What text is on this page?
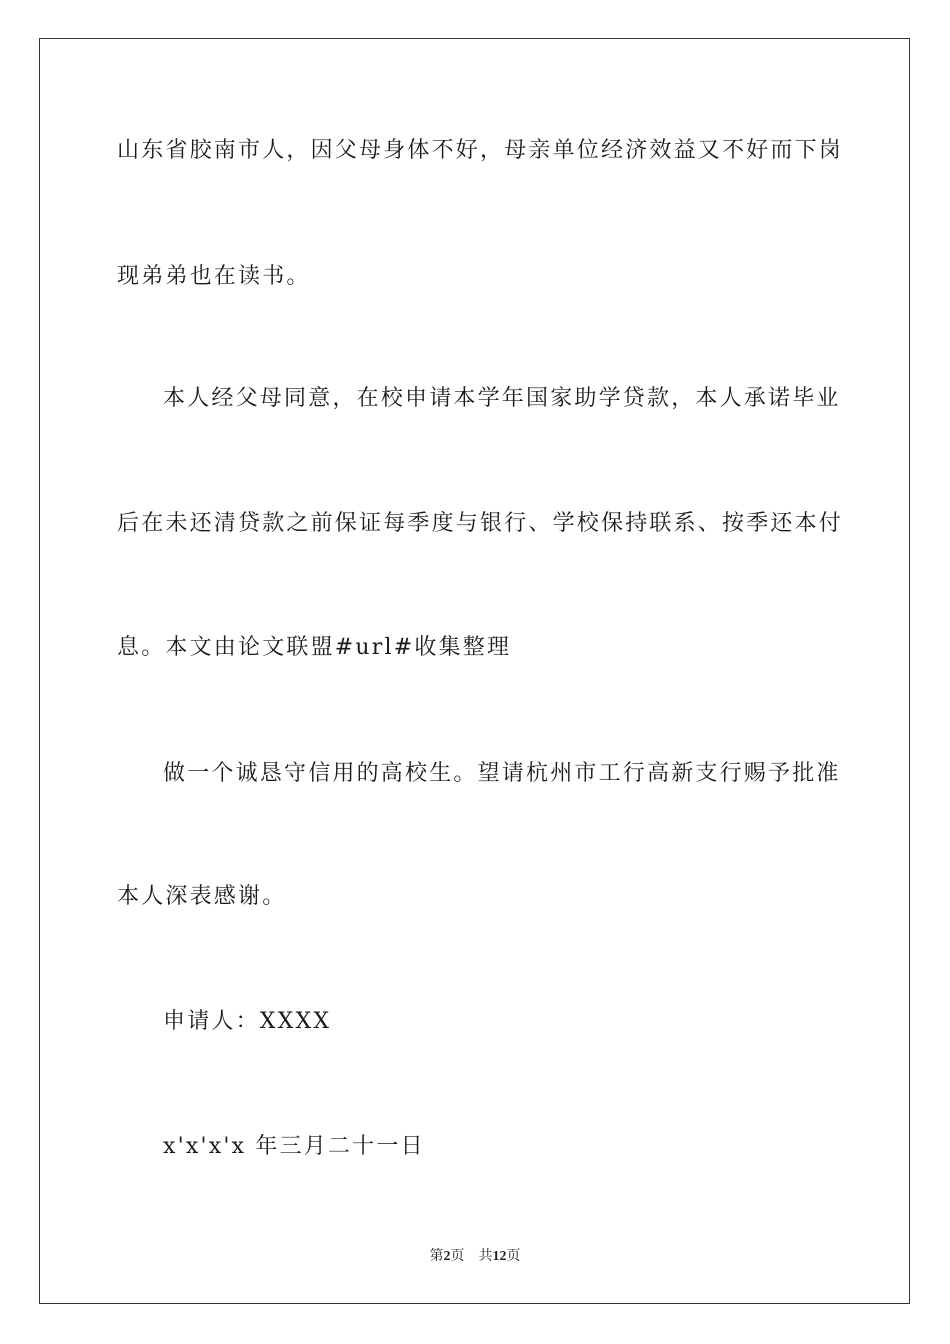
山东省胶南市人，因父母身体不好，母亲单位经济效益又不好而下岗
现弟弟也在读书。
本人经父母同意，在校申请本学年国家助学贷款，本人承诺毕业
后在未还清贷款之前保证每季度与银行、学校保持联系、按季还本付
息。本文由论文联盟#url#收集整理
做一个诚恳守信用的高校生。望请杭州市工行高新支行赐予批准
本人深表感谢。
申请人：XXXX
x'x'x'x 年三月二十一日
第2页 共12页
